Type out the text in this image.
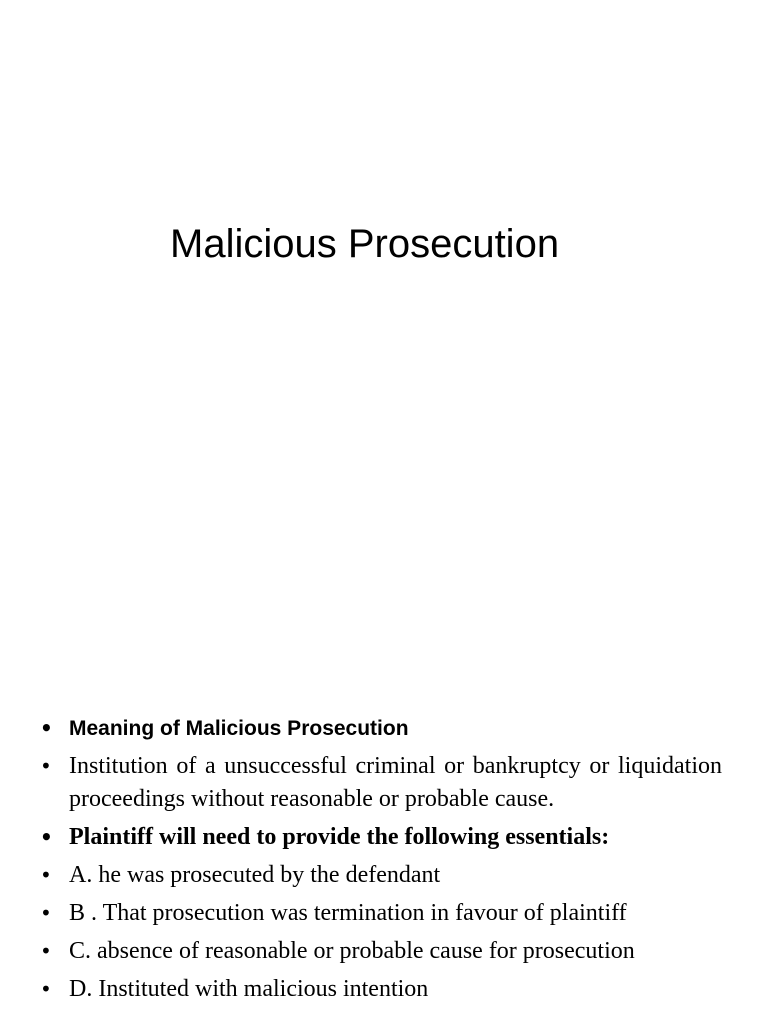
Malicious Prosecution
• Meaning of Malicious Prosecution
• Institution of a unsuccessful criminal or bankruptcy or liquidation proceedings without reasonable or probable cause.
• Plaintiff will need to provide the following essentials:
• A. he was prosecuted by the defendant
• B . That prosecution was termination in favour of plaintiff
• C. absence of reasonable or probable cause for prosecution
• D. Instituted with malicious intention
